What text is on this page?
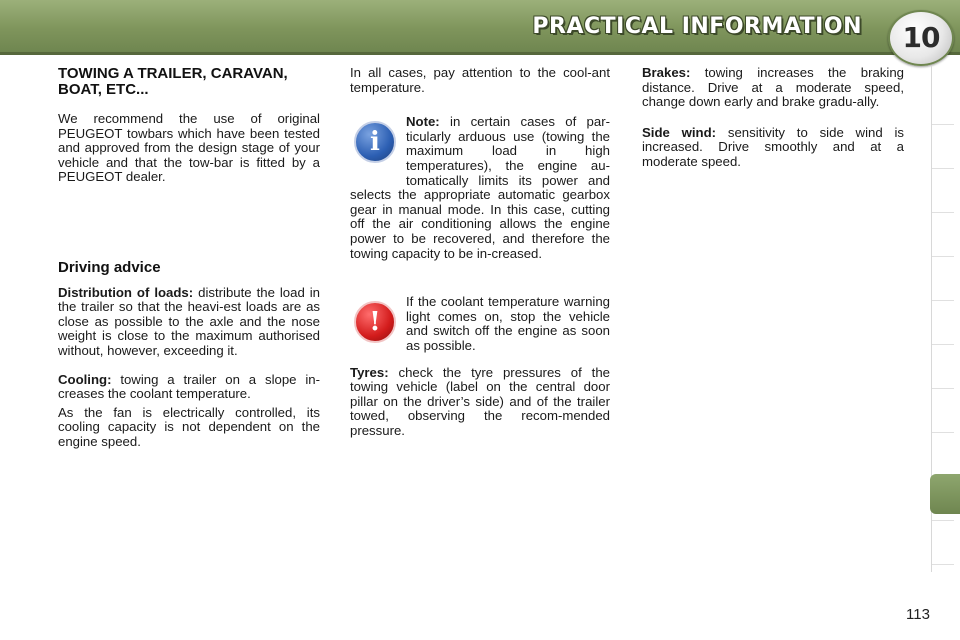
PRACTICAL INFORMATION	10
TOWING A TRAILER, CARAVAN, BOAT, ETC...

We recommend the use of original PEUGEOT towbars which have been tested and approved from the design stage of your vehicle and that the tow-bar is fitted by a PEUGEOT dealer.

Driving advice

Distribution of loads: distribute the load in the trailer so that the heavi-est loads are as close as possible to the axle and the nose weight is close to the maximum authorised without, however, exceeding it.

Cooling: towing a trailer on a slope in-creases the coolant temperature.

As the fan is electrically controlled, its cooling capacity is not dependent on the engine speed.

In all cases, pay attention to the cool-ant temperature.

i

Note: in certain cases of par-ticularly arduous use (towing the maximum load in high temperatures), the engine au-tomatically limits its power and selects the appropriate automatic gearbox gear in manual mode. In this case, cutting off the air conditioning allows the engine power to be recovered, and therefore the towing capacity to be in-creased.

!

If the coolant temperature warning light comes on, stop the vehicle and switch off the engine as soon as possible.

Tyres: check the tyre pressures of the towing vehicle (label on the central door pillar on the driver’s side) and of the trailer towed, observing the recom-mended pressure.

Brakes: towing increases the braking distance. Drive at a moderate speed, change down early and brake gradu-ally.

Side wind: sensitivity to side wind is increased. Drive smoothly and at a moderate speed.

113
